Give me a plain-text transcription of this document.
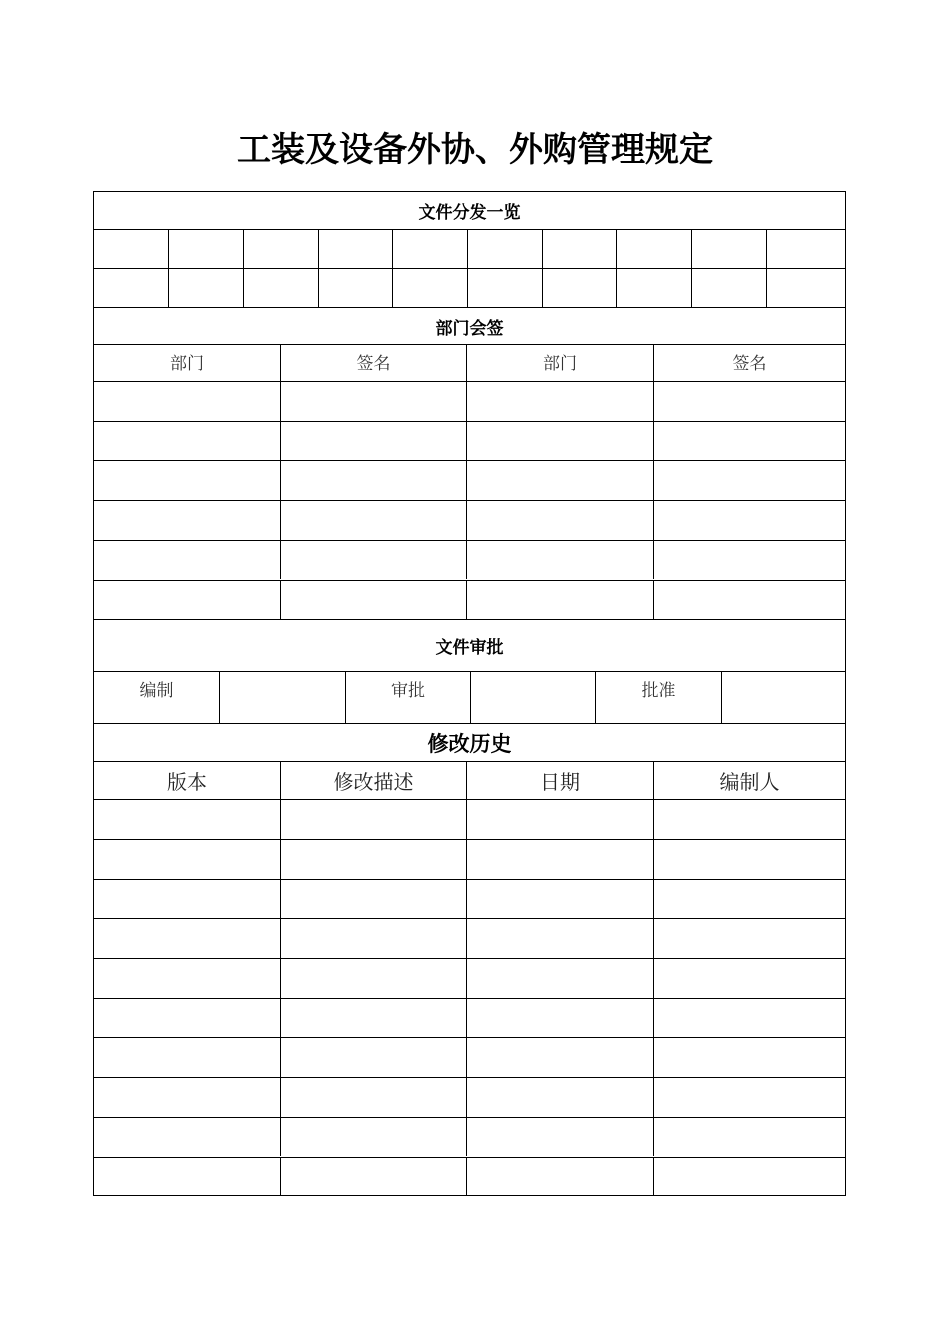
工装及设备外协、外购管理规定
文件分发一览
部门会签
部门	签名	部门	签名
文件审批
编制	审批	批准
修改历史
版本	修改描述	日期	编制人
